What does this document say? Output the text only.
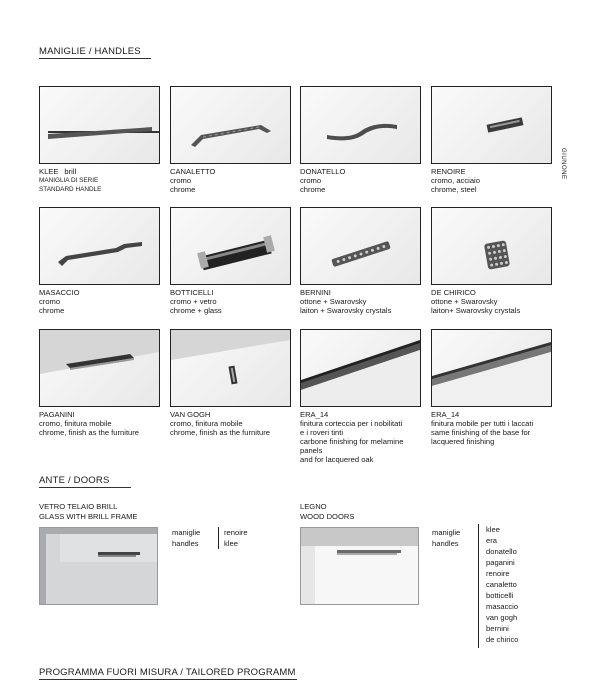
MANIGLIE / HANDLES
GIUNONE
KLEE brill
MANIGLIA DI SERIE
STANDARD HANDLE
CANALETTO
cromo
chrome
DONATELLO
cromo
chrome
RENOIRE
cromo, acciaio
chrome, steel
MASACCIO
cromo
chrome
BOTTICELLI
cromo + vetro
chrome + glass
BERNINI
ottone + Swarovsky
laiton + Swarovsky crystals
DE CHIRICO
ottone + Swarovsky
laiton+ Swarovsky crystals
PAGANINI
cromo, finitura mobile
chrome, finish as the furniture
VAN GOGH
cromo, finitura mobile
chrome, finish as the furniture
ERA_14
finitura corteccia per i nobilitati
e i roveri tinti
carbone finishing for melamine panels
and for lacquered oak
ERA_14
finitura mobile per tutti i laccati
same finishing of the base for
lacquered finishing
ANTE / DOORS
VETRO TELAIO BRILL
GLASS WITH BRILL FRAME
maniglie
handles
renoire
klee
LEGNO
WOOD DOORS
maniglie
handles
klee
era
donatello
paganini
renoire
canaletto
botticelli
masaccio
van gogh
bernini
de chirico
PROGRAMMA FUORI MISURA / TAILORED PROGRAMM
